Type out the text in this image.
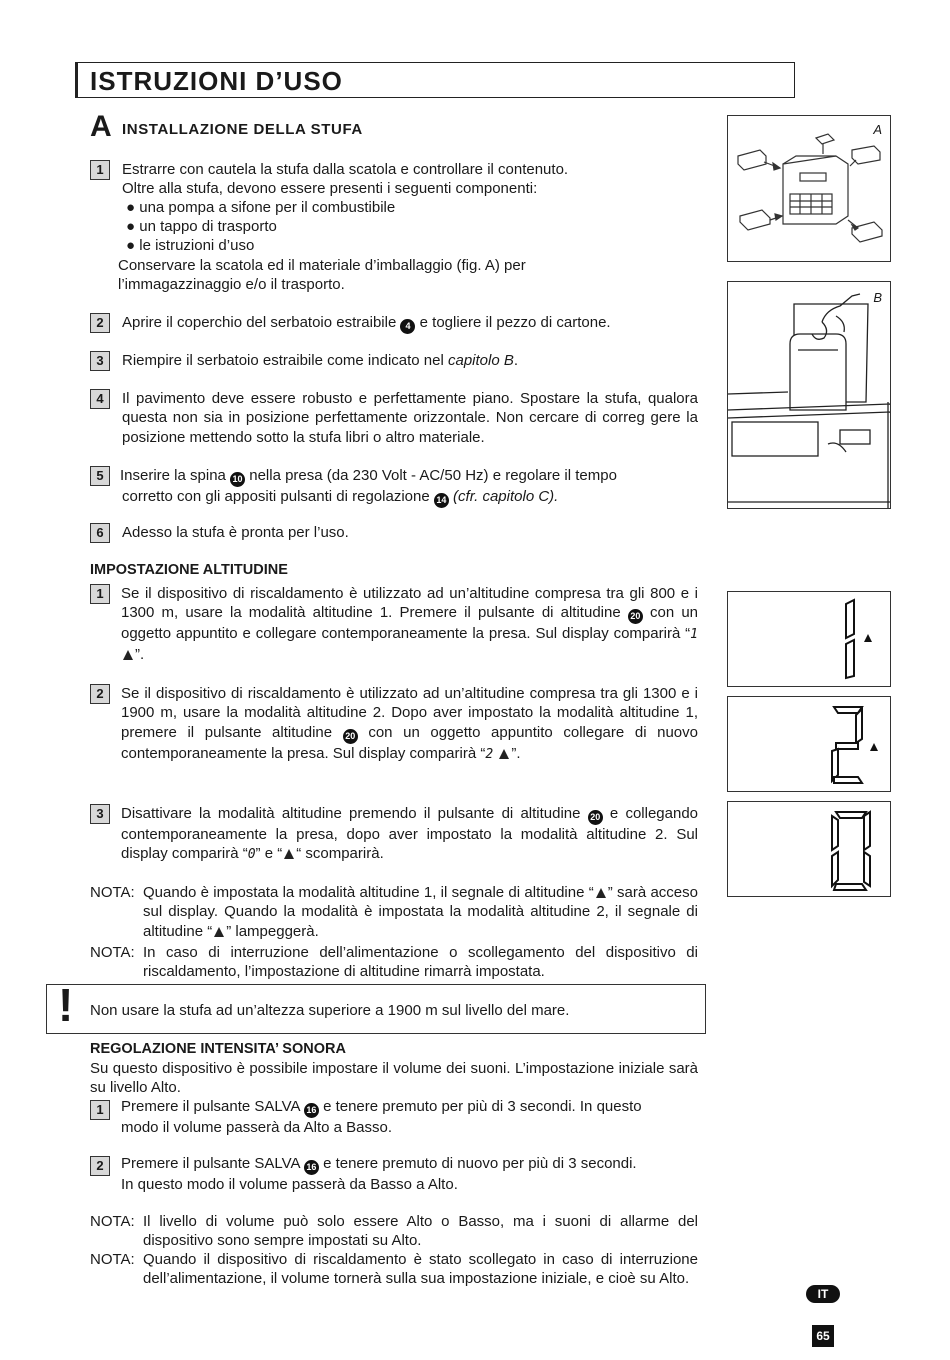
ISTRUZIONI D’USO
A INSTALLAZIONE DELLA STUFA
1	Estrarre con cautela la stufa dalla scatola e controllare il contenuto.
Oltre alla stufa, devono essere presenti i seguenti componenti:
● una pompa a sifone per il combustibile
● un tappo di trasporto
● le istruzioni d’uso
Conservare la scatola ed il materiale d’imballaggio (fig. A) per
l’immagazzinaggio e/o il trasporto.
2	Aprire il coperchio del serbatoio estraibile 4 e togliere il pezzo di cartone.
3	Riempire il serbatoio estraibile come indicato nel capitolo B.
4	Il pavimento deve essere robusto e perfettamente piano. Spostare la stufa, qualora questa non sia in posizione perfettamente orizzontale. Non cercare di correg gere la posizione mettendo sotto la stufa libri o altro materiale.
5	Inserire la spina 10 nella presa (da 230 Volt - AC/50 Hz) e regolare il tempo
corretto con gli appositi pulsanti di regolazione 14 (cfr. capitolo C).
6	Adesso la stufa è pronta per l’uso.
IMPOSTAZIONE ALTITUDINE
1	Se il dispositivo di riscaldamento è utilizzato ad un’altitudine compresa tra gli 800 e i 1300 m, usare la modalità altitudine 1. Premere il pulsante di altitudine 20 con un oggetto appuntito e collegare contemporaneamente la presa. Sul display comparirà “1 ”.
2	Se il dispositivo di riscaldamento è utilizzato ad un’altitudine compresa tra gli 1300 e i 1900 m, usare la modalità altitudine 2. Dopo aver impostato la modalità altitudine 1, premere il pulsante altitudine 20 con un oggetto appuntito collegare di nuovo contemporaneamente la presa. Sul display comparirà “2 ”.
3	Disattivare la modalità altitudine premendo il pulsante di altitudine 20 e collegando contemporaneamente la presa, dopo aver impostato la modalità altitudine 2. Sul display comparirà “0” e “ “ scomparirà.
NOTA: Quando è impostata la modalità altitudine 1, il segnale di altitudine “ ” sarà acceso sul display. Quando la modalità è impostata la modalità altitudine 2, il segnale di altitudine “ ” lampeggerà.
NOTA: In caso di interruzione dell’alimentazione o scollegamento del dispositivo di riscaldamento, l’impostazione di altitudine rimarrà impostata.
! Non usare la stufa ad un’altezza superiore a 1900 m sul livello del mare.
REGOLAZIONE INTENSITA’ SONORA
Su questo dispositivo è possibile impostare il volume dei suoni. L’impostazione iniziale sarà su livello Alto.
1	Premere il pulsante SALVA 16 e tenere premuto per più di 3 secondi. In questo
modo il volume passerà da Alto a Basso.
2	Premere il pulsante SALVA 16 e tenere premuto di nuovo per più di 3 secondi.
In questo modo il volume passerà da Basso a Alto.
NOTA: Il livello di volume può solo essere Alto o Basso, ma i suoni di allarme del dispositivo sono sempre impostati su Alto.
NOTA: Quando il dispositivo di riscaldamento è stato scollegato in caso di interruzione dell’alimentazione, il volume tornerà sulla sua impostazione iniziale, e cioè su Alto.
A
B
IT
65
